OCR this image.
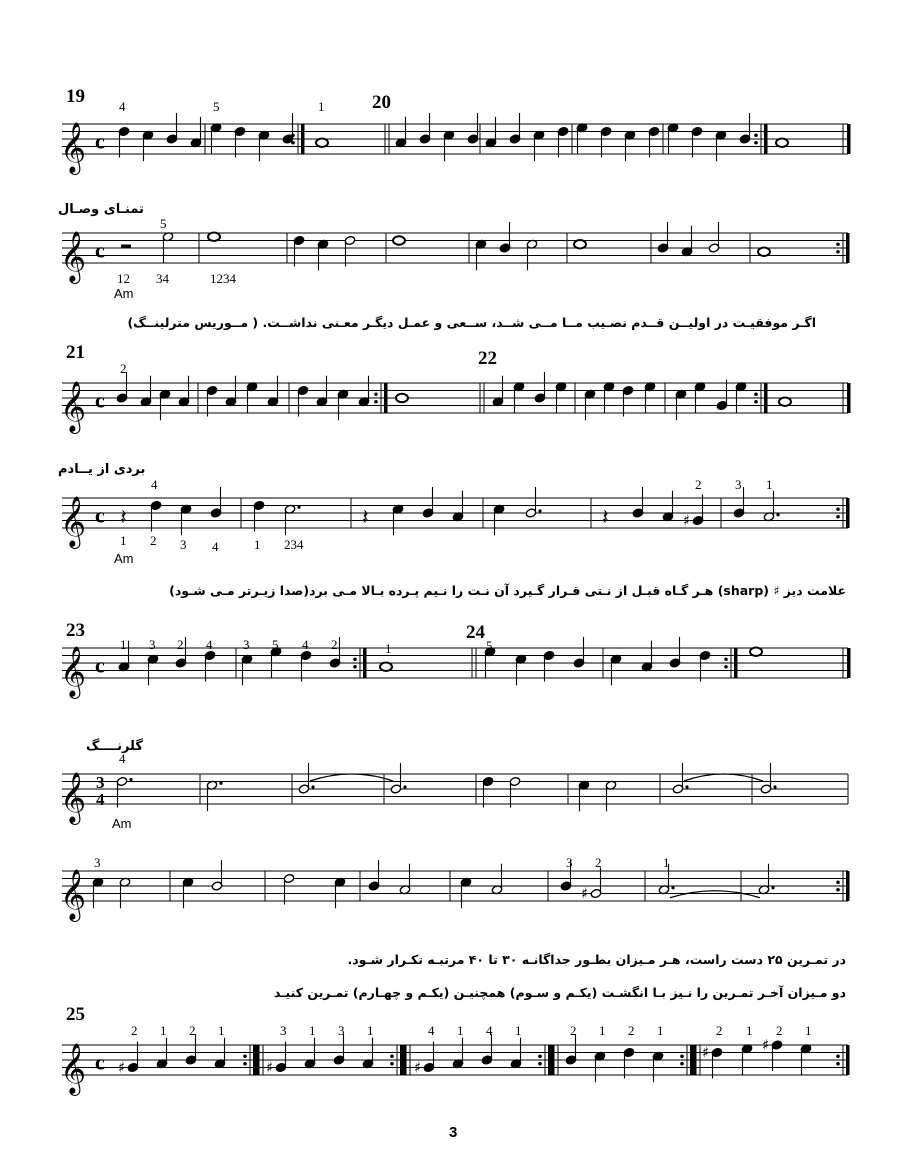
𝄞 c
𝄞 c
𝄞 c
𝄞 c 𝄽	𝄽	𝄽	♯
𝄞 c
𝄞 3
4
𝄞	♯
𝄞 c ♯	♯	♯
♯	♯
19	20
21	22
23	24
25
4	5	1
تمنـای وصـال
5
12 34	1234
Am
اگـر موفقیـت در اولیــن قــدم نصـیب مــا مــی شــد، ســعی و عمـل دیگـر معـنی نداشــت. ( مــوریس مترلینــگ)
2
بردی از یــادم
4
1 2 3 4	1 234
2	3 1
Am
علامت دیز ♯ (sharp) هـر گـاه قبـل از نـتی قـرار گـیرد آن نـت را نـیم پـرده بـالا مـی برد(صدا زیـرتر مـی شـود)
1 3 2 4 3 5 4 2	1	5
گلرنــــگ
4
Am
3	3 2	1
در تمـرین ۲۵ دست راست، هـر مـیزان بطـور جداگانـه ۳۰ تا ۴۰ مرتبـه تکـرار شـود.
دو مـیزان آخـر تمـرین را نـیز بـا انگشـت (یکـم و سـوم) همچنیـن (یکـم و چهـارم) تمـرین کنیـد
2 1 2 1	3 1 3 1	4 1 4 1	2 1 2 1	2 1 2 1
3
